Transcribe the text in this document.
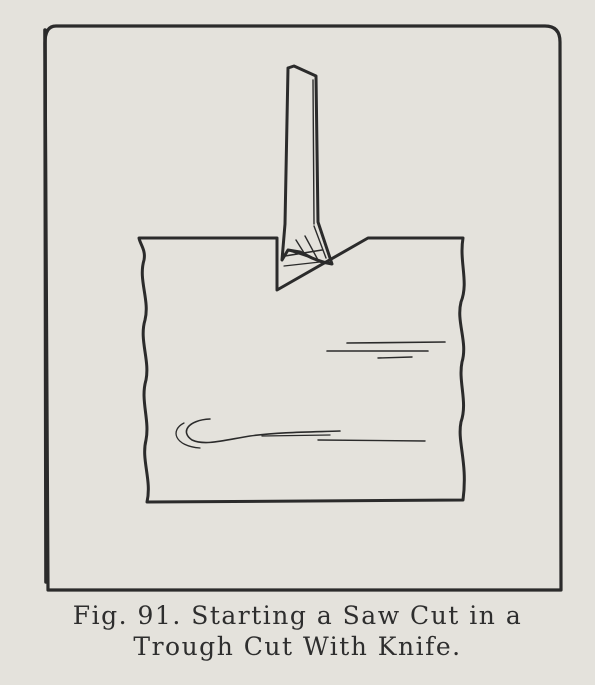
Fig. 91. Starting a Saw Cut in a
Trough Cut With Knife.
